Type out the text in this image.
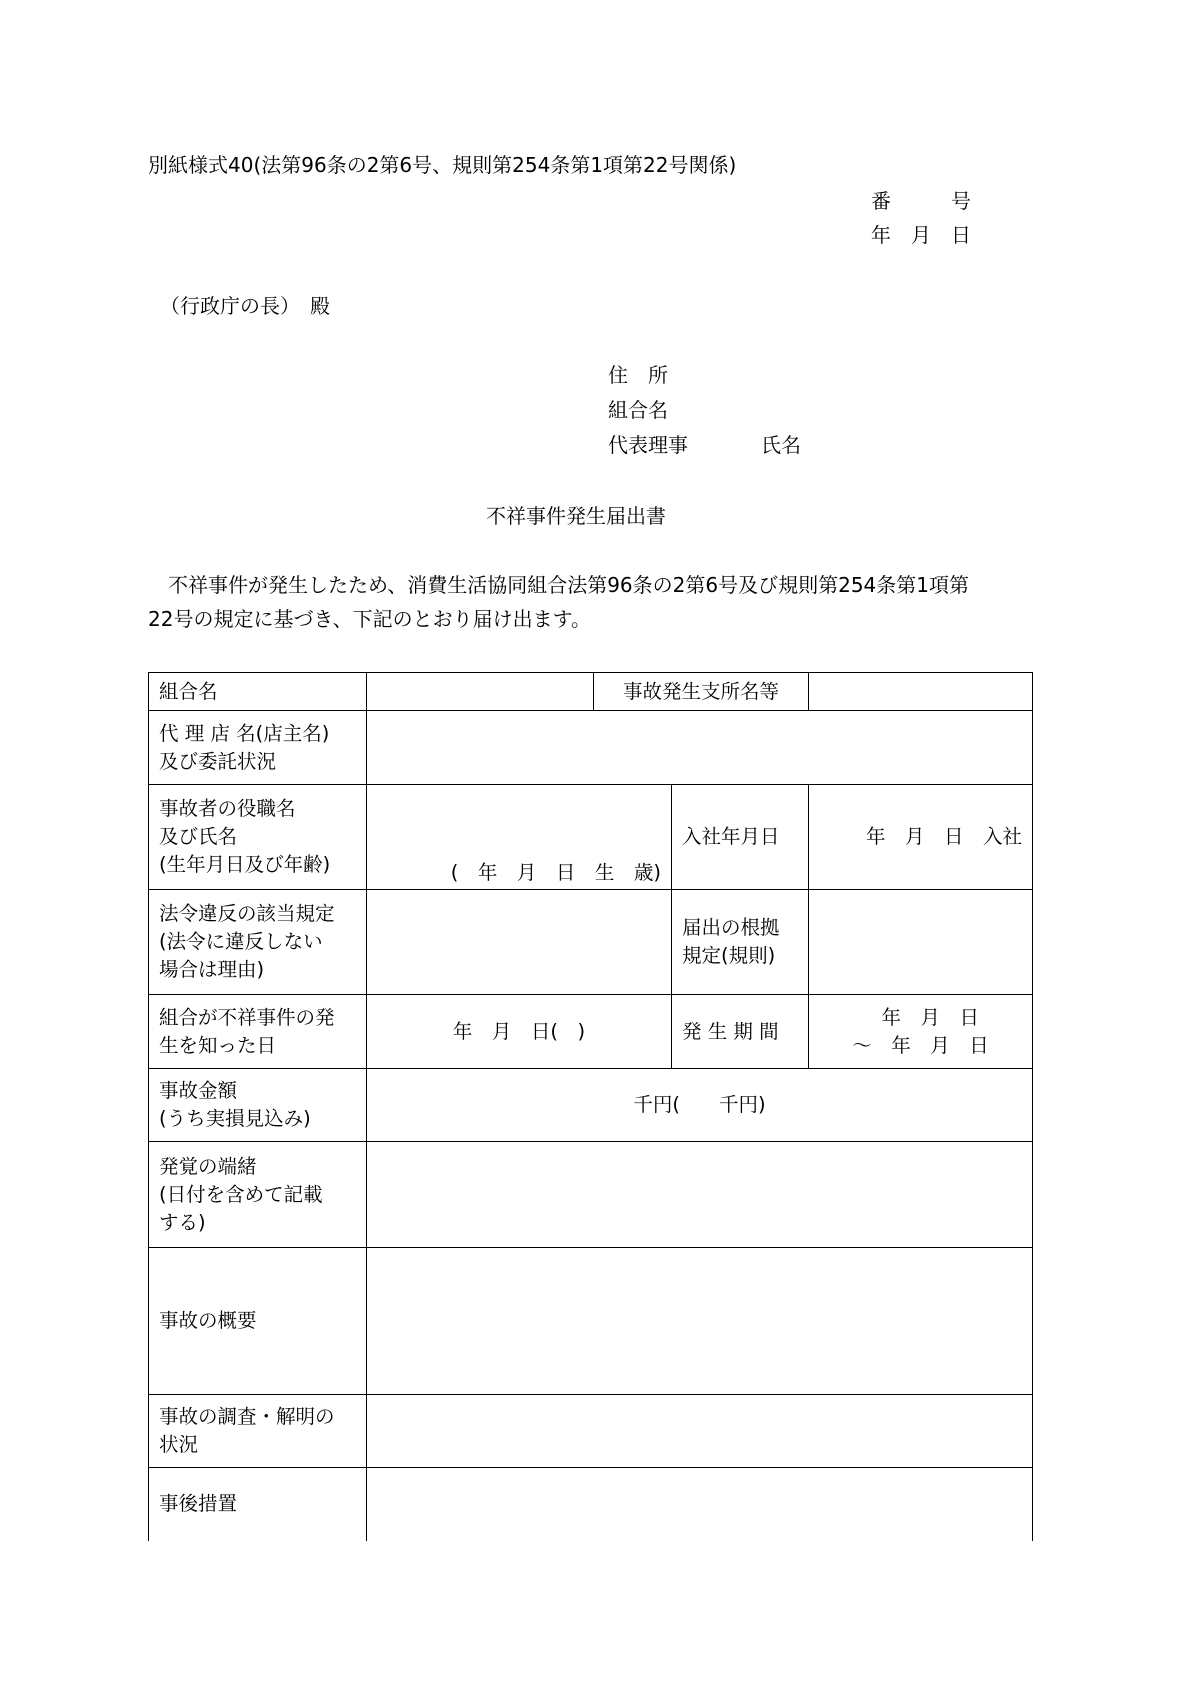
別紙様式40(法第96条の2第6号、規則第254条第1項第22号関係)
番　　　号
年　月　日
（行政庁の長）　殿
住　所
組合名
代表理事	氏名
不祥事件発生届出書
　不祥事件が発生したため、消費生活協同組合法第96条の2第6号及び規則第254条第1項第
22号の規定に基づき、下記のとおり届け出ます。
組合名		事故発生支所名等		
代 理 店 名(店主名)
及び委託状況				
事故者の役職名
及び氏名
(生年月日及び年齢)	(　年　月　日　生　歳)		入社年月日	年　月　日　入社
法令違反の該当規定
(法令に違反しない
場合は理由)			届出の根拠
規定(規則)	
組合が不祥事件の発
生を知った日	年　月　日(　)		発 生 期 間	　年　月　日
～　年　月　日
事故金額
(うち実損見込み)	千円(　　千円)			
発覚の端緒
(日付を含めて記載
する)				
事故の概要				
事故の調査・解明の
状況				
事後措置				
